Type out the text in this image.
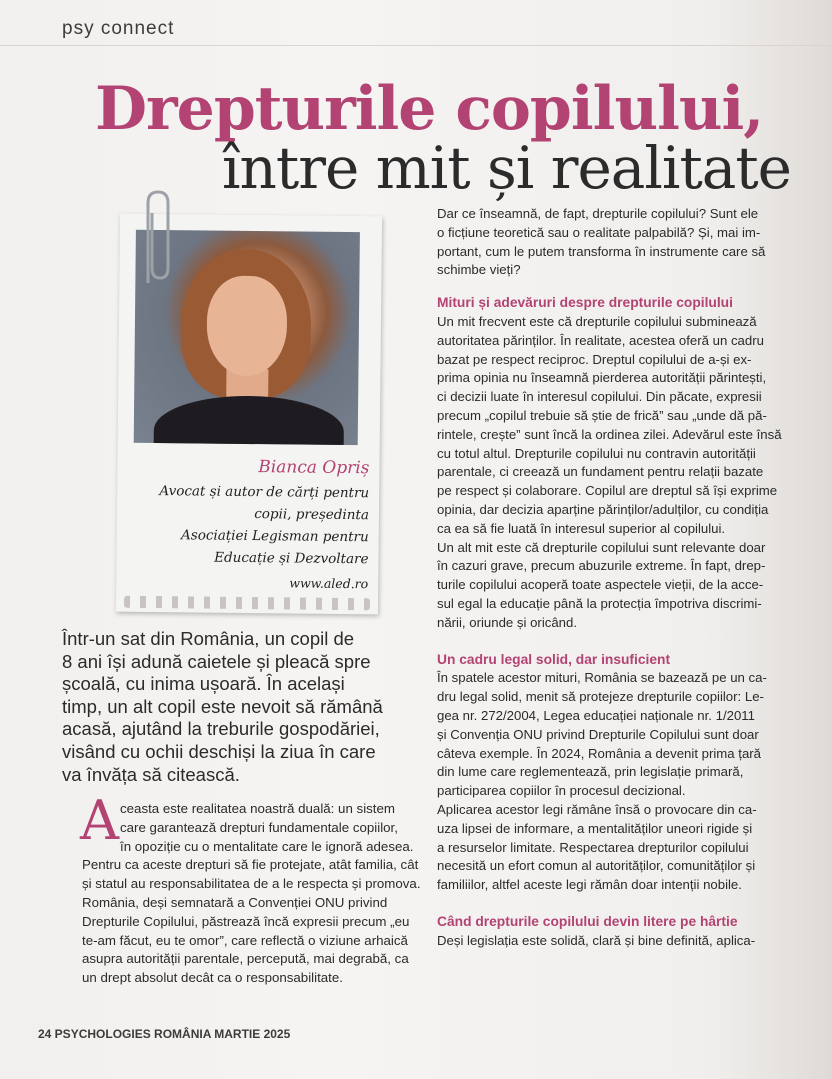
psy connect
Drepturile copilului,
între mit și realitate
Bianca Opriș
Avocat și autor de cărți pentru
copii, președinta
Asociației Legisman pentru
Educație și Dezvoltare
www.aled.ro
Într-un sat din România, un copil de
8 ani își adună caietele și pleacă spre
școală, cu inima ușoară. În același
timp, un alt copil este nevoit să rămână
acasă, ajutând la treburile gospodăriei,
visând cu ochii deschiși la ziua în care
va învăța să citească.
A ceasta este realitatea noastră duală: un sistem
care garantează drepturi fundamentale copiilor,
în opoziție cu o mentalitate care le ignoră adesea.
Pentru ca aceste drepturi să fie protejate, atât familia, cât
și statul au responsabilitatea de a le respecta și promova.
România, deși semnatară a Convenției ONU privind
Drepturile Copilului, păstrează încă expresii precum „eu
te-am făcut, eu te omor”, care reflectă o viziune arhaică
asupra autorității parentale, percepută, mai degrabă, ca
un drept absolut decât ca o responsabilitate.
24 PSYCHOLOGIES ROMÂNIA MARTIE 2025
Dar ce înseamnă, de fapt, drepturile copilului? Sunt ele
o ficțiune teoretică sau o realitate palpabilă? Și, mai im-
portant, cum le putem transforma în instrumente care să
schimbe vieți?
Mituri și adevăruri despre drepturile copilului
Un mit frecvent este că drepturile copilului subminează
autoritatea părinților. În realitate, acestea oferă un cadru
bazat pe respect reciproc. Dreptul copilului de a-și ex-
prima opinia nu înseamnă pierderea autorității părintești,
ci decizii luate în interesul copilului. Din păcate, expresii
precum „copilul trebuie să știe de frică” sau „unde dă pă-
rintele, crește” sunt încă la ordinea zilei. Adevărul este însă
cu totul altul. Drepturile copilului nu contravin autorității
parentale, ci creează un fundament pentru relații bazate
pe respect și colaborare. Copilul are dreptul să își exprime
opinia, dar decizia aparține părinților/adulților, cu condiția
ca ea să fie luată în interesul superior al copilului.
Un alt mit este că drepturile copilului sunt relevante doar
în cazuri grave, precum abuzurile extreme. În fapt, drep-
turile copilului acoperă toate aspectele vieții, de la acce-
sul egal la educație până la protecția împotriva discrimi-
nării, oriunde și oricând.
Un cadru legal solid, dar insuficient
În spatele acestor mituri, România se bazează pe un ca-
dru legal solid, menit să protejeze drepturile copiilor: Le-
gea nr. 272/2004, Legea educației naționale nr. 1/2011
și Convenția ONU privind Drepturile Copilului sunt doar
câteva exemple. În 2024, România a devenit prima țară
din lume care reglementează, prin legislație primară,
participarea copiilor în procesul decizional.
Aplicarea acestor legi rămâne însă o provocare din ca-
uza lipsei de informare, a mentalităților uneori rigide și
a resurselor limitate. Respectarea drepturilor copilului
necesită un efort comun al autorităților, comunităților și
familiilor, altfel aceste legi rămân doar intenții nobile.
Când drepturile copilului devin litere pe hârtie
Deși legislația este solidă, clară și bine definită, aplica-
